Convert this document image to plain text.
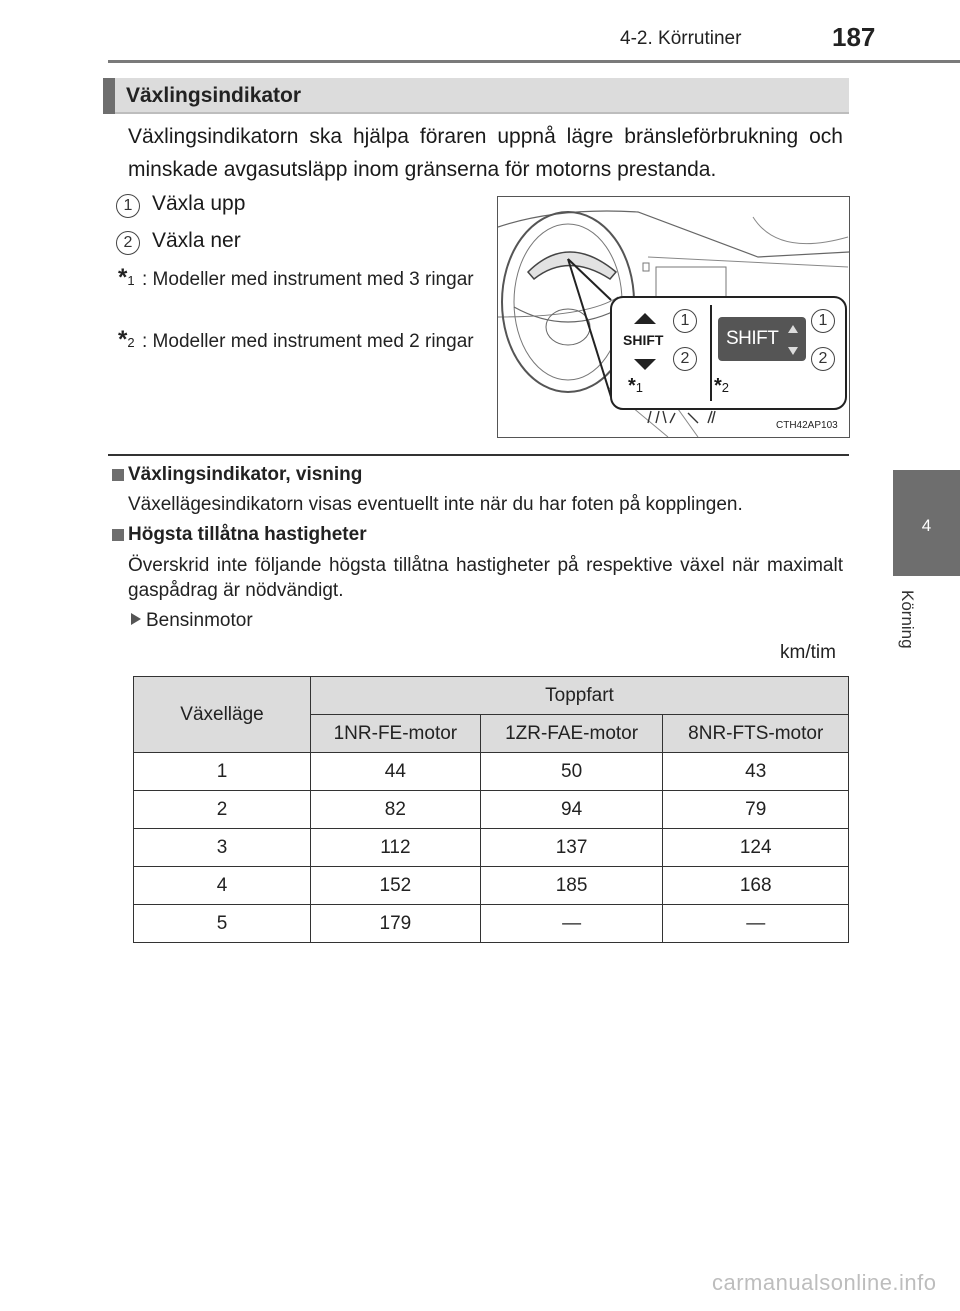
4-2. Körrutiner	187
4
Körning
Växlingsindikator
Växlingsindikatorn ska hjälpa föraren uppnå lägre bränsleförbrukning och minskade avgasutsläpp inom gränserna för motorns prestanda.
1 Växla upp
2 Växla ner
*1 : Modeller med instrument med 3 ringar
*2 : Modeller med instrument med 2 ringar	SHIFT	SHIFT
1
2
1
2
*1	*2
CTH42AP103
Växlingsindikator, visning
Växellägesindikatorn visas eventuellt inte när du har foten på kopplingen.
Högsta tillåtna hastigheter
Överskrid inte följande högsta tillåtna hastigheter på respektive växel när maximalt gaspådrag är nödvändigt.
Bensinmotor
km/tim
Växelläge	Toppfart		
	1NR-FE-motor	1ZR-FAE-motor	8NR-FTS-motor
1	44	50	43
2	82	94	79
3	112	137	124
4	152	185	168
5	179	—	—
carmanualsonline.info
